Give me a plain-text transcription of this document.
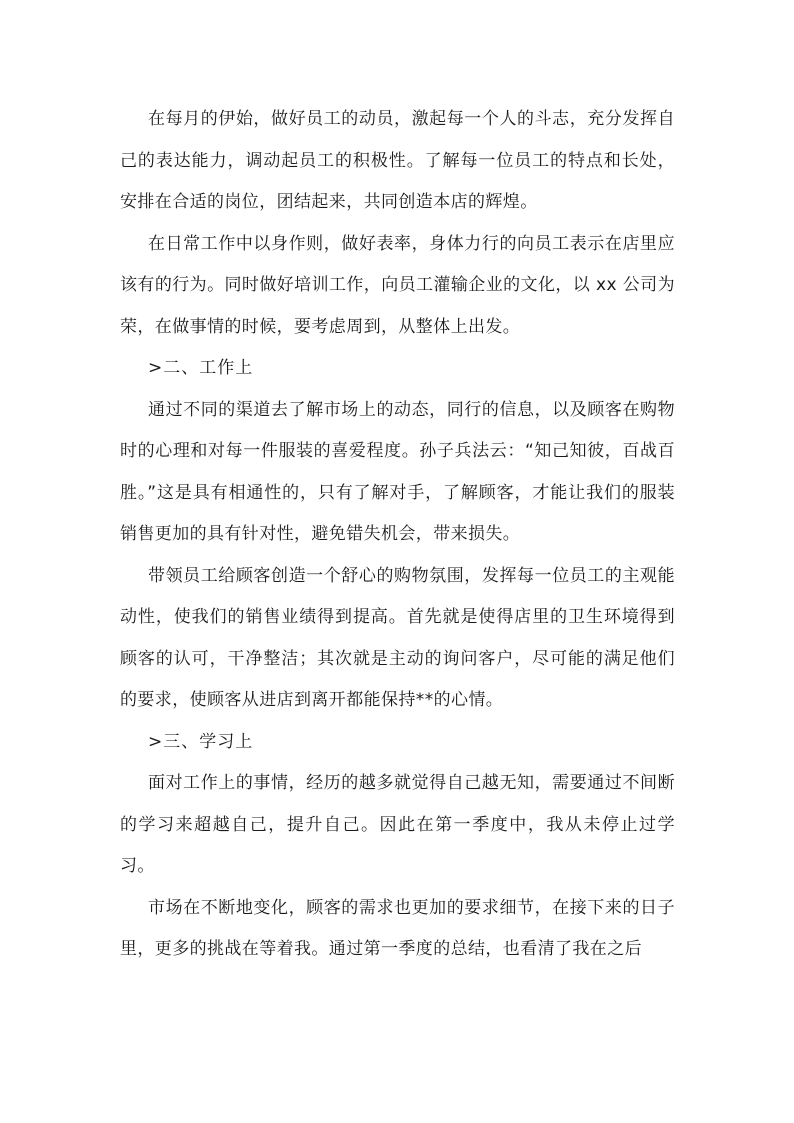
在每月的伊始，做好员工的动员，激起每一个人的斗志，充分发挥自己的表达能力，调动起员工的积极性。了解每一位员工的特点和长处，安排在合适的岗位，团结起来，共同创造本店的辉煌。

在日常工作中以身作则，做好表率，身体力行的向员工表示在店里应该有的行为。同时做好培训工作，向员工灌输企业的文化，以 xx 公司为荣，在做事情的时候，要考虑周到，从整体上出发。

>二、工作上

通过不同的渠道去了解市场上的动态，同行的信息，以及顾客在购物时的心理和对每一件服装的喜爱程度。孙子兵法云：“知己知彼，百战百胜。”这是具有相通性的，只有了解对手，了解顾客，才能让我们的服装销售更加的具有针对性，避免错失机会，带来损失。

带领员工给顾客创造一个舒心的购物氛围，发挥每一位员工的主观能动性，使我们的销售业绩得到提高。首先就是使得店里的卫生环境得到顾客的认可，干净整洁；其次就是主动的询问客户，尽可能的满足他们的要求，使顾客从进店到离开都能保持**的心情。

>三、学习上

面对工作上的事情，经历的越多就觉得自己越无知，需要通过不间断的学习来超越自己，提升自己。因此在第一季度中，我从未停止过学习。

市场在不断地变化，顾客的需求也更加的要求细节，在接下来的日子里，更多的挑战在等着我。通过第一季度的总结，也看清了我在之后
